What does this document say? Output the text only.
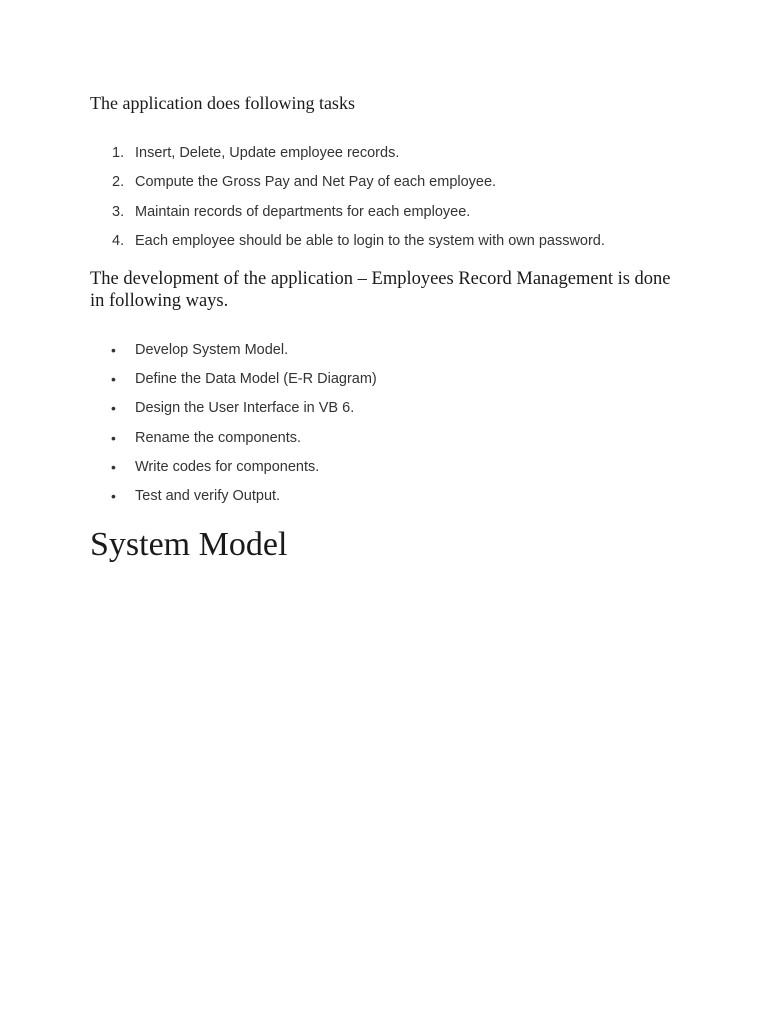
The application does following tasks

1. Insert, Delete, Update employee records.
2. Compute the Gross Pay and Net Pay of each employee.
3. Maintain records of departments for each employee.
4. Each employee should be able to login to the system with own password.

The development of the application – Employees Record Management is done in following ways.

• Develop System Model.
• Define the Data Model (E-R Diagram)
• Design the User Interface in VB 6.
• Rename the components.
• Write codes for components.
• Test and verify Output.
System Model
